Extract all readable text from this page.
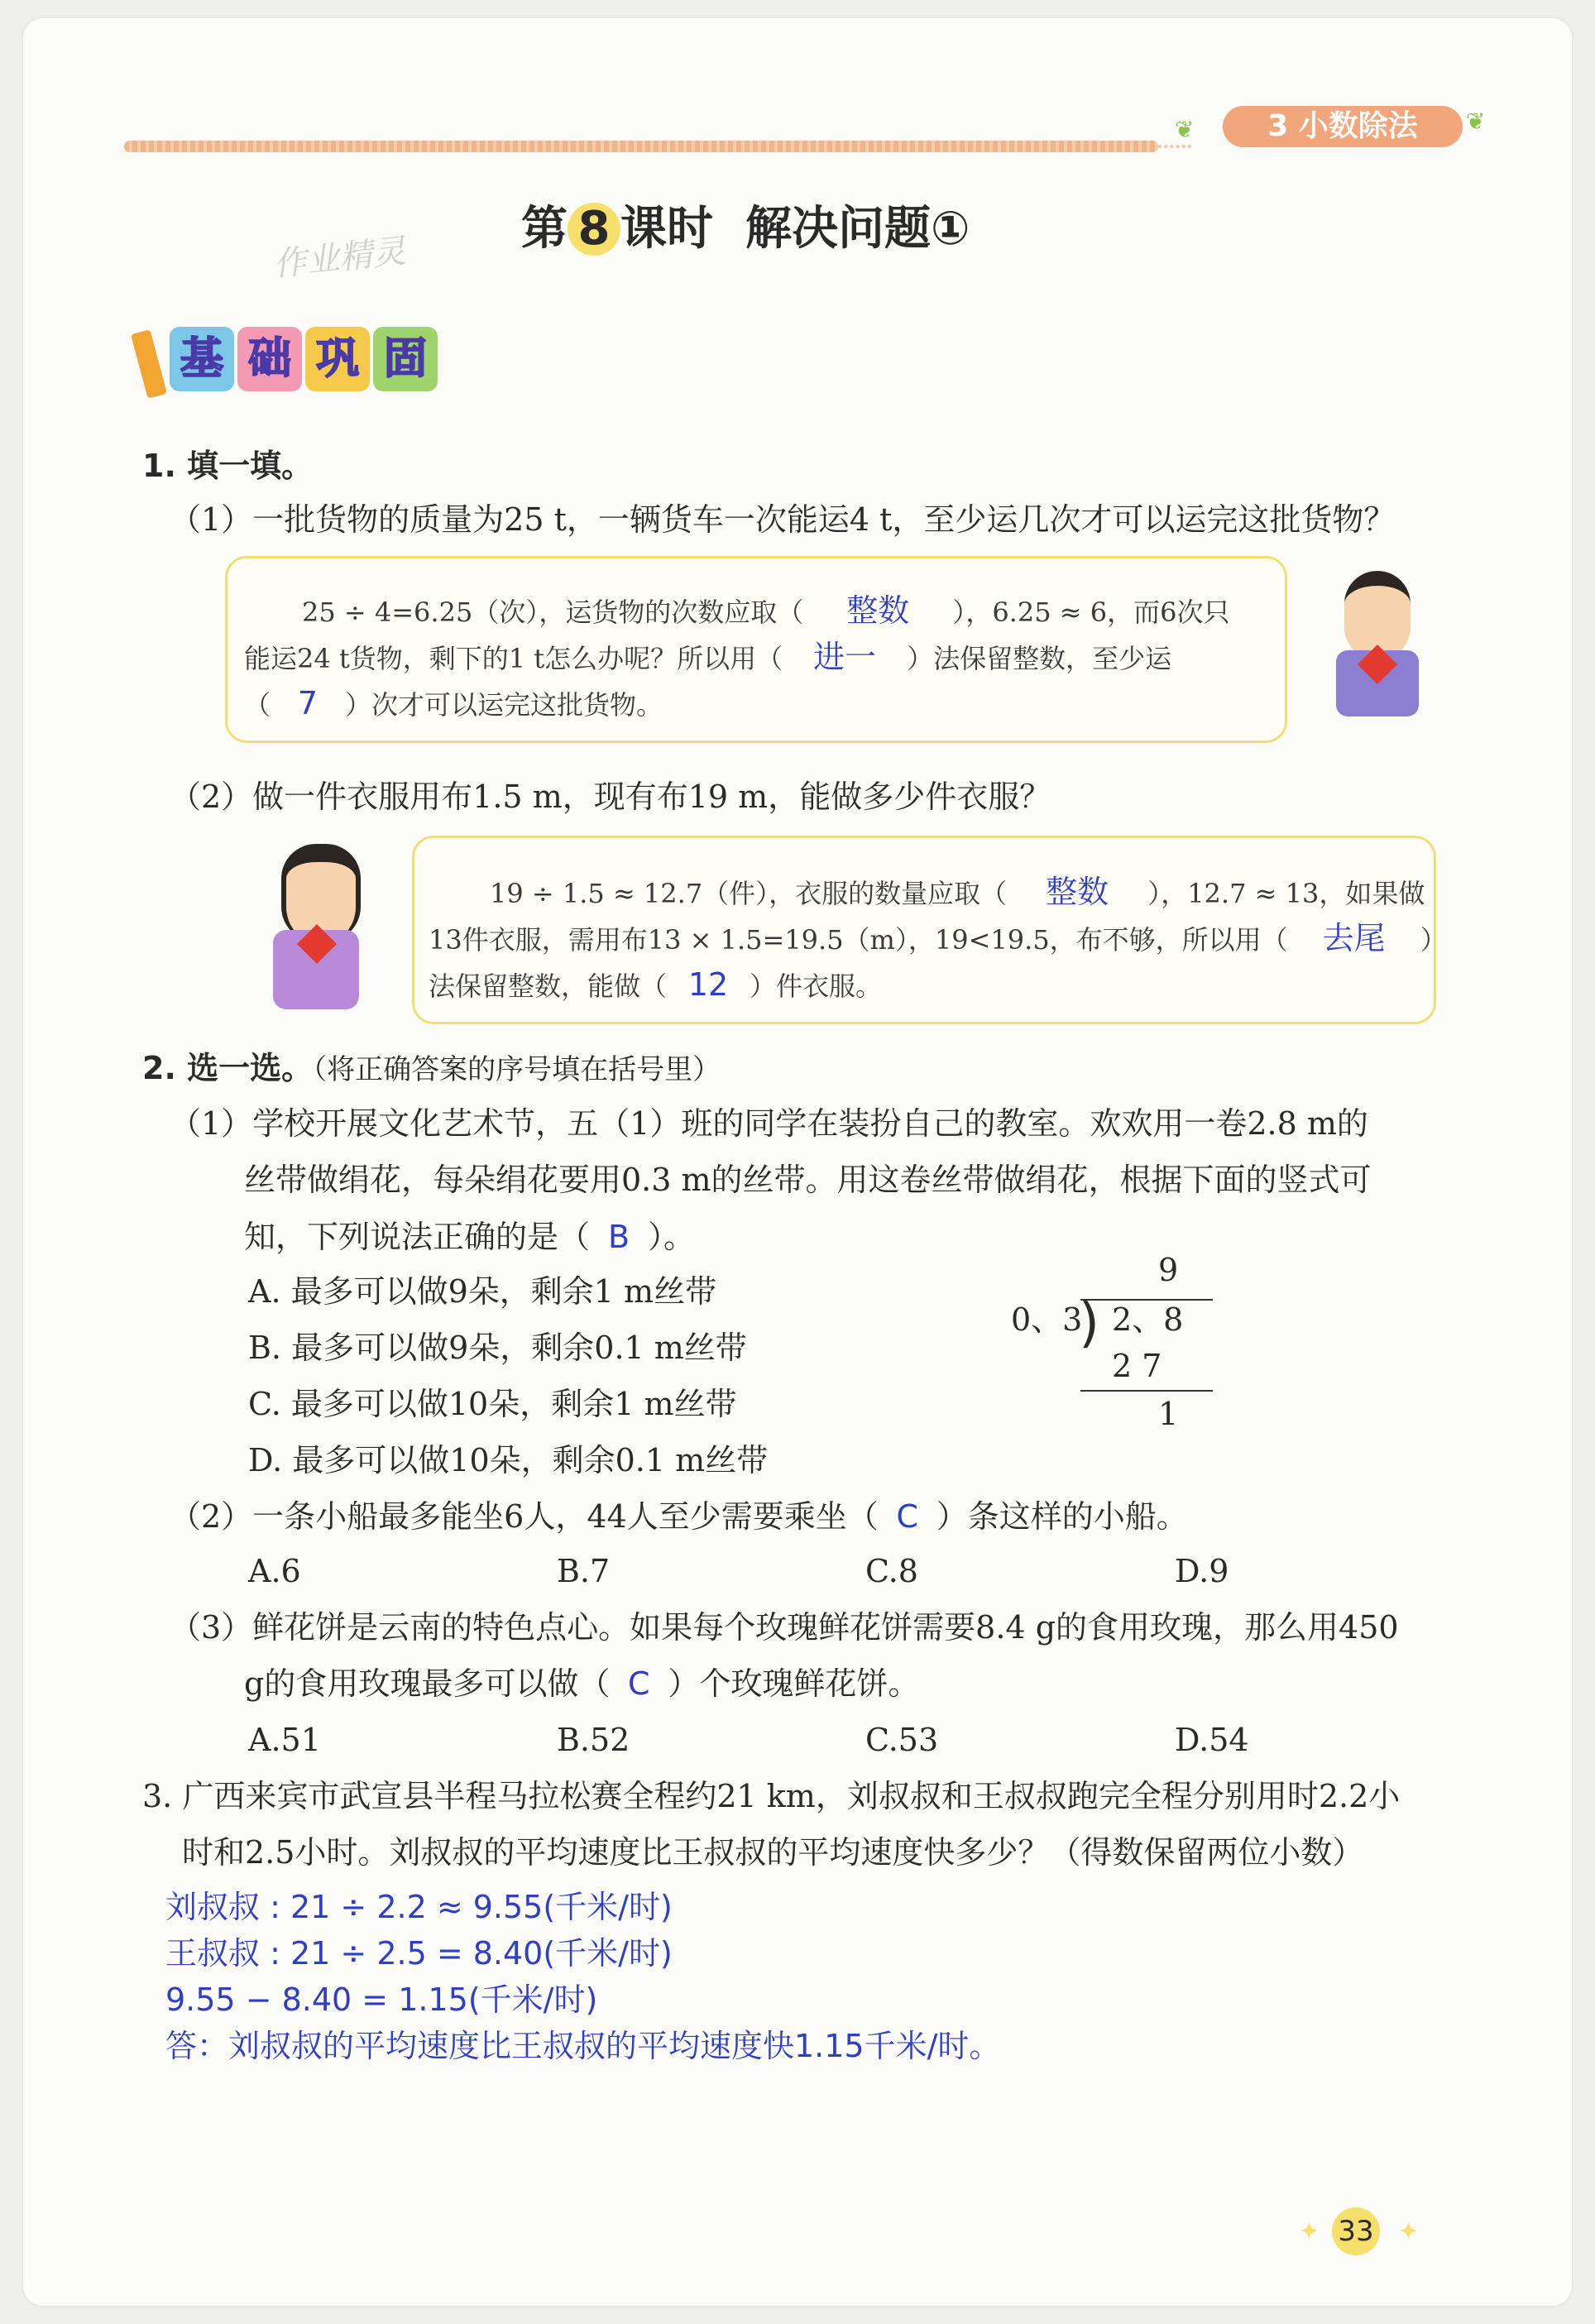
❦	3 小数除法	❦
作业精灵
第 8 课时 解决问题①
基 础 巩 固
1. 填一填。
（1）一批货物的质量为25 t，一辆货车一次能运4 t，至少运几次才可以运完这批货物？
25 ÷ 4=6.25（次），运货物的次数应取（ 整数 ），6.25 ≈ 6，而6次只
能运24 t货物，剩下的1 t怎么办呢？所以用（ 进一 ）法保留整数，至少运
（ 7 ）次才可以运完这批货物。
（2）做一件衣服用布1.5 m，现有布19 m，能做多少件衣服？
19 ÷ 1.5 ≈ 12.7（件），衣服的数量应取（ 整数 ），12.7 ≈ 13，如果做
13件衣服，需用布13 × 1.5=19.5（m），19<19.5，布不够，所以用（ 去尾 ）
法保留整数，能做（ 12 ）件衣服。
2. 选一选。（将正确答案的序号填在括号里）
（1）学校开展文化艺术节，五（1）班的同学在装扮自己的教室。欢欢用一卷2.8 m的
丝带做绢花，每朵绢花要用0.3 m的丝带。用这卷丝带做绢花，根据下面的竖式可
知，下列说法正确的是（ B ）。
A. 最多可以做9朵，剩余1 m丝带
B. 最多可以做9朵，剩余0.1 m丝带
C. 最多可以做10朵，剩余1 m丝带
D. 最多可以做10朵，剩余0.1 m丝带
9
0、3
) 2、8
2 7
1
（2）一条小船最多能坐6人，44人至少需要乘坐（ C ）条这样的小船。
A.6	B.7	C.8	D.9
（3）鲜花饼是云南的特色点心。如果每个玫瑰鲜花饼需要8.4 g的食用玫瑰，那么用450
g的食用玫瑰最多可以做（ C ）个玫瑰鲜花饼。
A.51	B.52	C.53	D.54
3. 广西来宾市武宣县半程马拉松赛全程约21 km，刘叔叔和王叔叔跑完全程分别用时2.2小
时和2.5小时。刘叔叔的平均速度比王叔叔的平均速度快多少？（得数保留两位小数）
刘叔叔 : 21 ÷ 2.2 ≈ 9.55(千米/时)
王叔叔 : 21 ÷ 2.5 = 8.40(千米/时)
9.55 − 8.40 = 1.15(千米/时)
答：刘叔叔的平均速度比王叔叔的平均速度快1.15千米/时。
✦ 33 ✦
